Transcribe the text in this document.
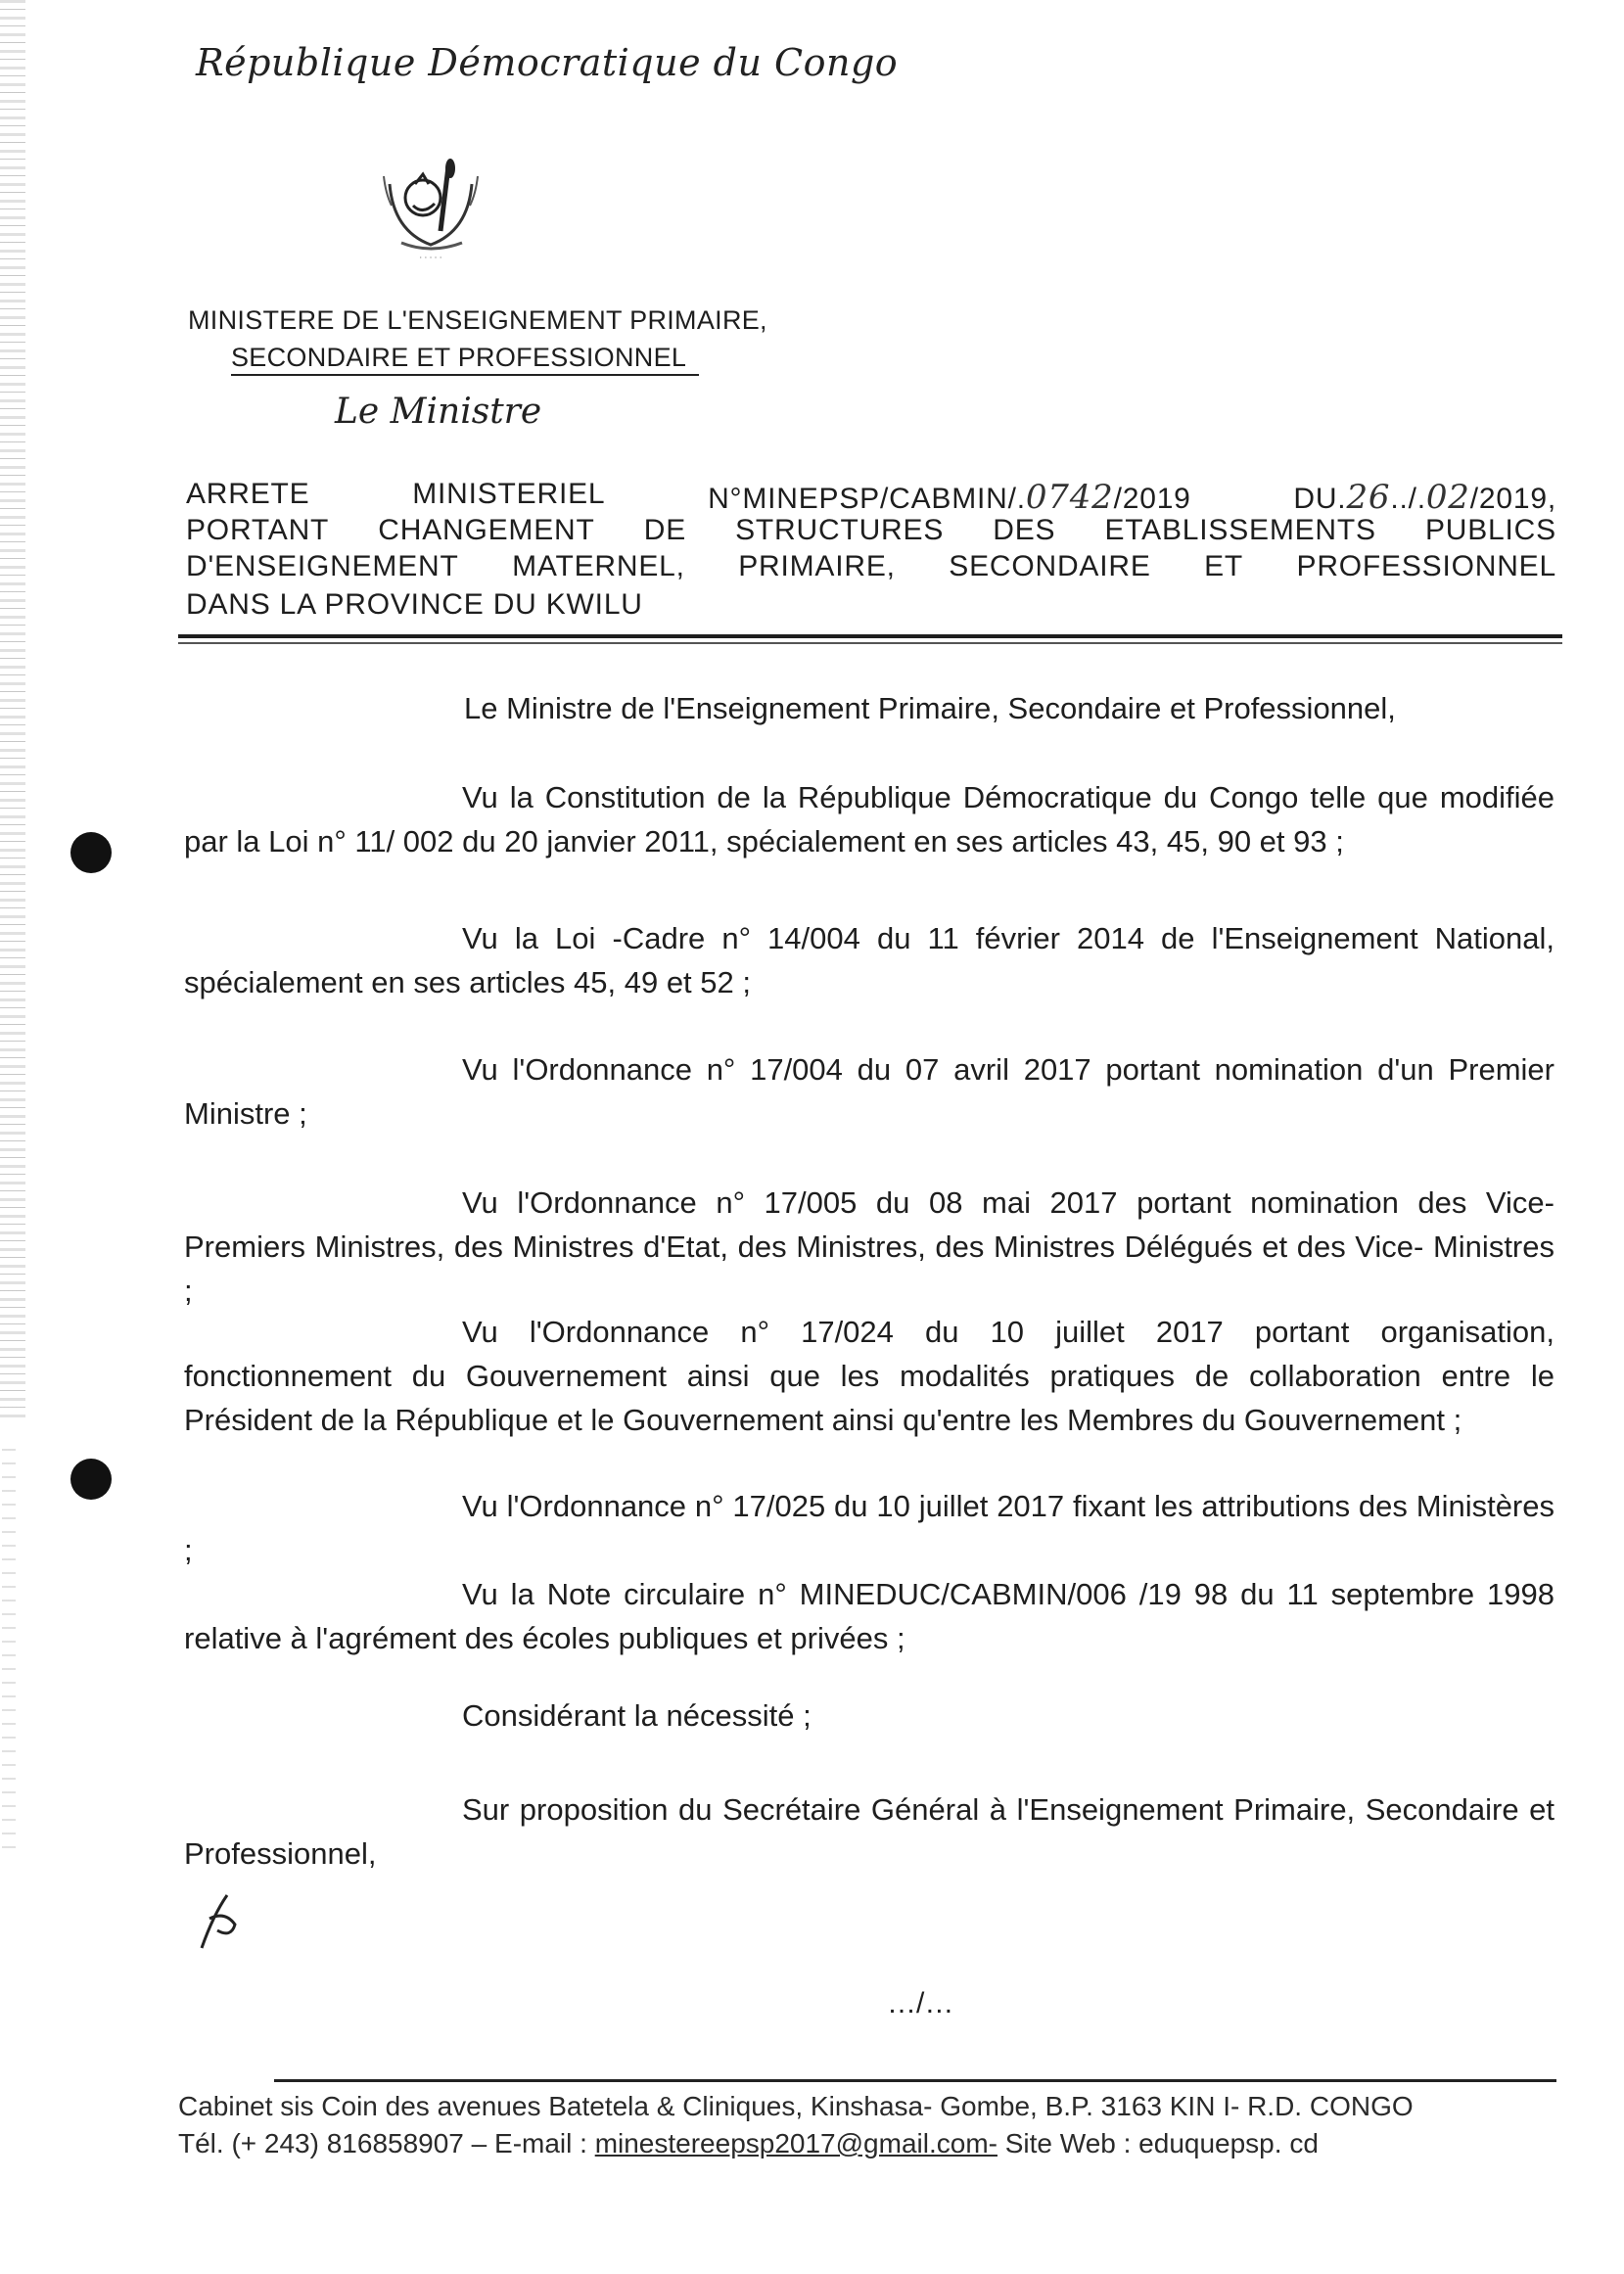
République Démocratique du Congo
· · · · ·
MINISTERE DE L'ENSEIGNEMENT PRIMAIRE,
SECONDAIRE ET PROFESSIONNEL
Le Ministre
ARRETE	MINISTERIEL	N°MINEPSP/CABMIN/.0742/2019	DU.26../.02/2019,
PORTANT CHANGEMENT DE STRUCTURES DES ETABLISSEMENTS PUBLICS
D'ENSEIGNEMENT MATERNEL, PRIMAIRE, SECONDAIRE ET PROFESSIONNEL
DANS LA PROVINCE DU KWILU
Le Ministre de l'Enseignement Primaire, Secondaire et Professionnel,
Vu la Constitution de la République Démocratique du Congo telle que modifiée par la Loi n° 11/ 002 du 20 janvier 2011, spécialement en ses articles 43, 45, 90 et 93 ;
Vu la Loi -Cadre n° 14/004 du 11 février 2014 de l'Enseignement National, spécialement en ses articles 45, 49 et 52 ;
Vu l'Ordonnance n° 17/004 du 07 avril 2017 portant nomination d'un Premier Ministre ;
Vu l'Ordonnance n° 17/005 du 08 mai 2017 portant nomination des Vice-Premiers Ministres, des Ministres d'Etat, des Ministres, des Ministres Délégués et des Vice- Ministres ;
Vu l'Ordonnance n° 17/024 du 10 juillet 2017 portant organisation, fonctionnement du Gouvernement ainsi que les modalités pratiques de collaboration entre le Président de la République et le Gouvernement ainsi qu'entre les Membres du Gouvernement ;
Vu l'Ordonnance n° 17/025 du 10 juillet 2017 fixant les attributions des Ministères ;
Vu la Note circulaire n° MINEDUC/CABMIN/006 /19 98 du 11 septembre 1998 relative à l'agrément des écoles publiques et privées ;
Considérant la nécessité ;
Sur proposition du Secrétaire Général à l'Enseignement Primaire, Secondaire et Professionnel,
…/…
Cabinet sis Coin des avenues Batetela & Cliniques, Kinshasa- Gombe, B.P. 3163 KIN I- R.D. CONGO
Tél. (+ 243) 816858907 – E-mail : minestereepsp2017@gmail.com- Site Web : eduquepsp. cd
